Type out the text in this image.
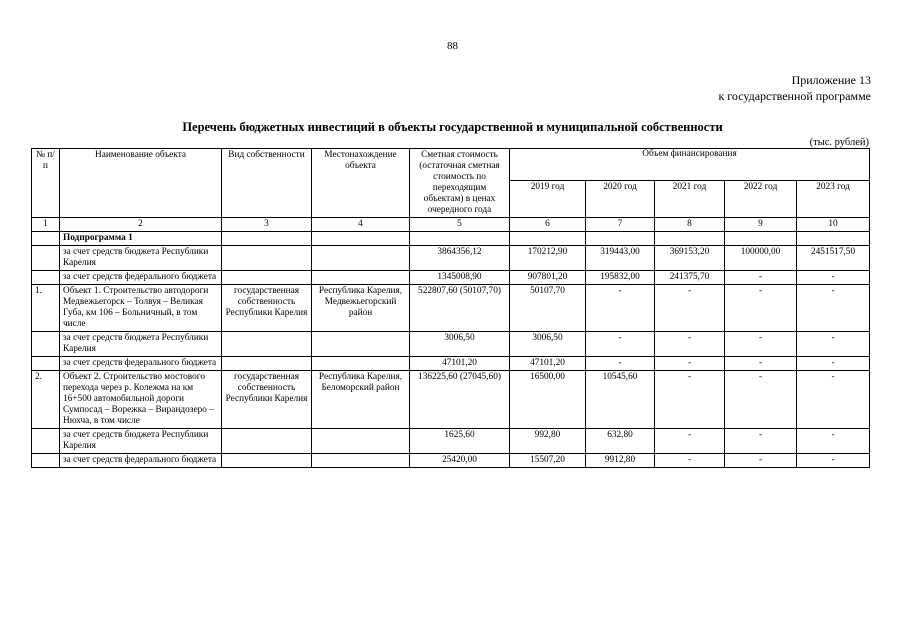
88
Приложение 13
к государственной программе
Перечень бюджетных инвестиций в объекты государственной и муниципальной собственности
(тыс. рублей)
№ п/п	Наименование объекта	Вид собственности	Местонахождение объекта	Сметная стоимость (остаточная сметная стоимость по переходящим объектам) в ценах очередного года	Объем финансирования				
					2019 год	2020 год	2021 год	2022 год	2023 год
1	2	3	4	5	6	7	8	9	10
	Подпрограмма 1								
	за счет средств бюджета Республики Карелия			3864356,12	170212,90	319443,00	369153,20	100000,00	2451517,50
	за счет средств федерального бюджета			1345008,90	907801,20	195832,00	241375,70	-	-
1.	Объект 1. Строительство автодороги Медвежьегорск – Толвуя – Великая Губа, км 106 – Больничный, в том числе	государственная собственность Республики Карелия	Республика Карелия, Медвежьегорский район	522807,60 (50107,70)	50107,70	-	-	-	-
	за счет средств бюджета Республики Карелия			3006,50	3006,50	-	-	-	-
	за счет средств федерального бюджета			47101,20	47101,20	-	-	-	-
2.	Объект 2. Строительство мостового перехода через р. Колежма на км 16+500 автомобильной дороги Сумпосад – Ворежка – Вирандозеро – Нюхча, в том числе	государственная собственность Республики Карелия	Республика Карелия, Беломорский район	136225,60 (27045,60)	16500,00	10545,60	-	-	-
	за счет средств бюджета Республики Карелия			1625,60	992,80	632,80	-	-	-
	за счет средств федерального бюджета			25420,00	15507,20	9912,80	-	-	-
